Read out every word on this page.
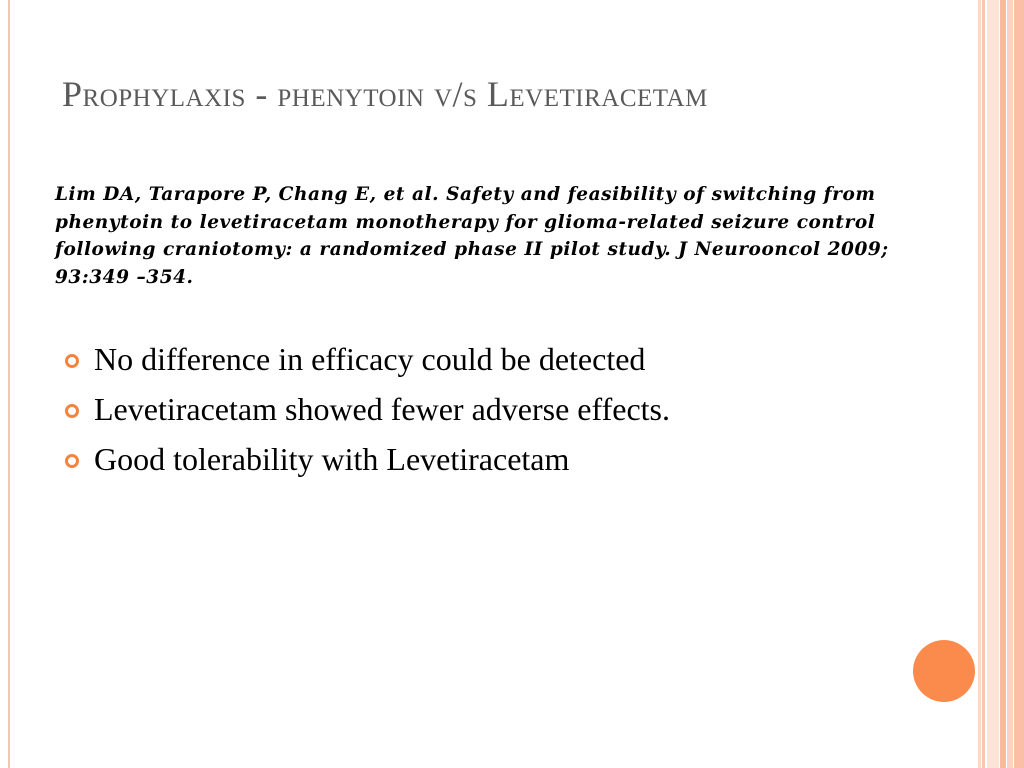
Prophylaxis - phenytoin v/s Levetiracetam
Lim DA, Tarapore P, Chang E, et al. Safety and feasibility of switching from phenytoin to levetiracetam monotherapy for glioma-related seizure control following craniotomy: a randomized phase II pilot study. J Neurooncol 2009; 93:349 –354.
No difference in efficacy could be detected
Levetiracetam showed fewer adverse effects.
Good tolerability with Levetiracetam
